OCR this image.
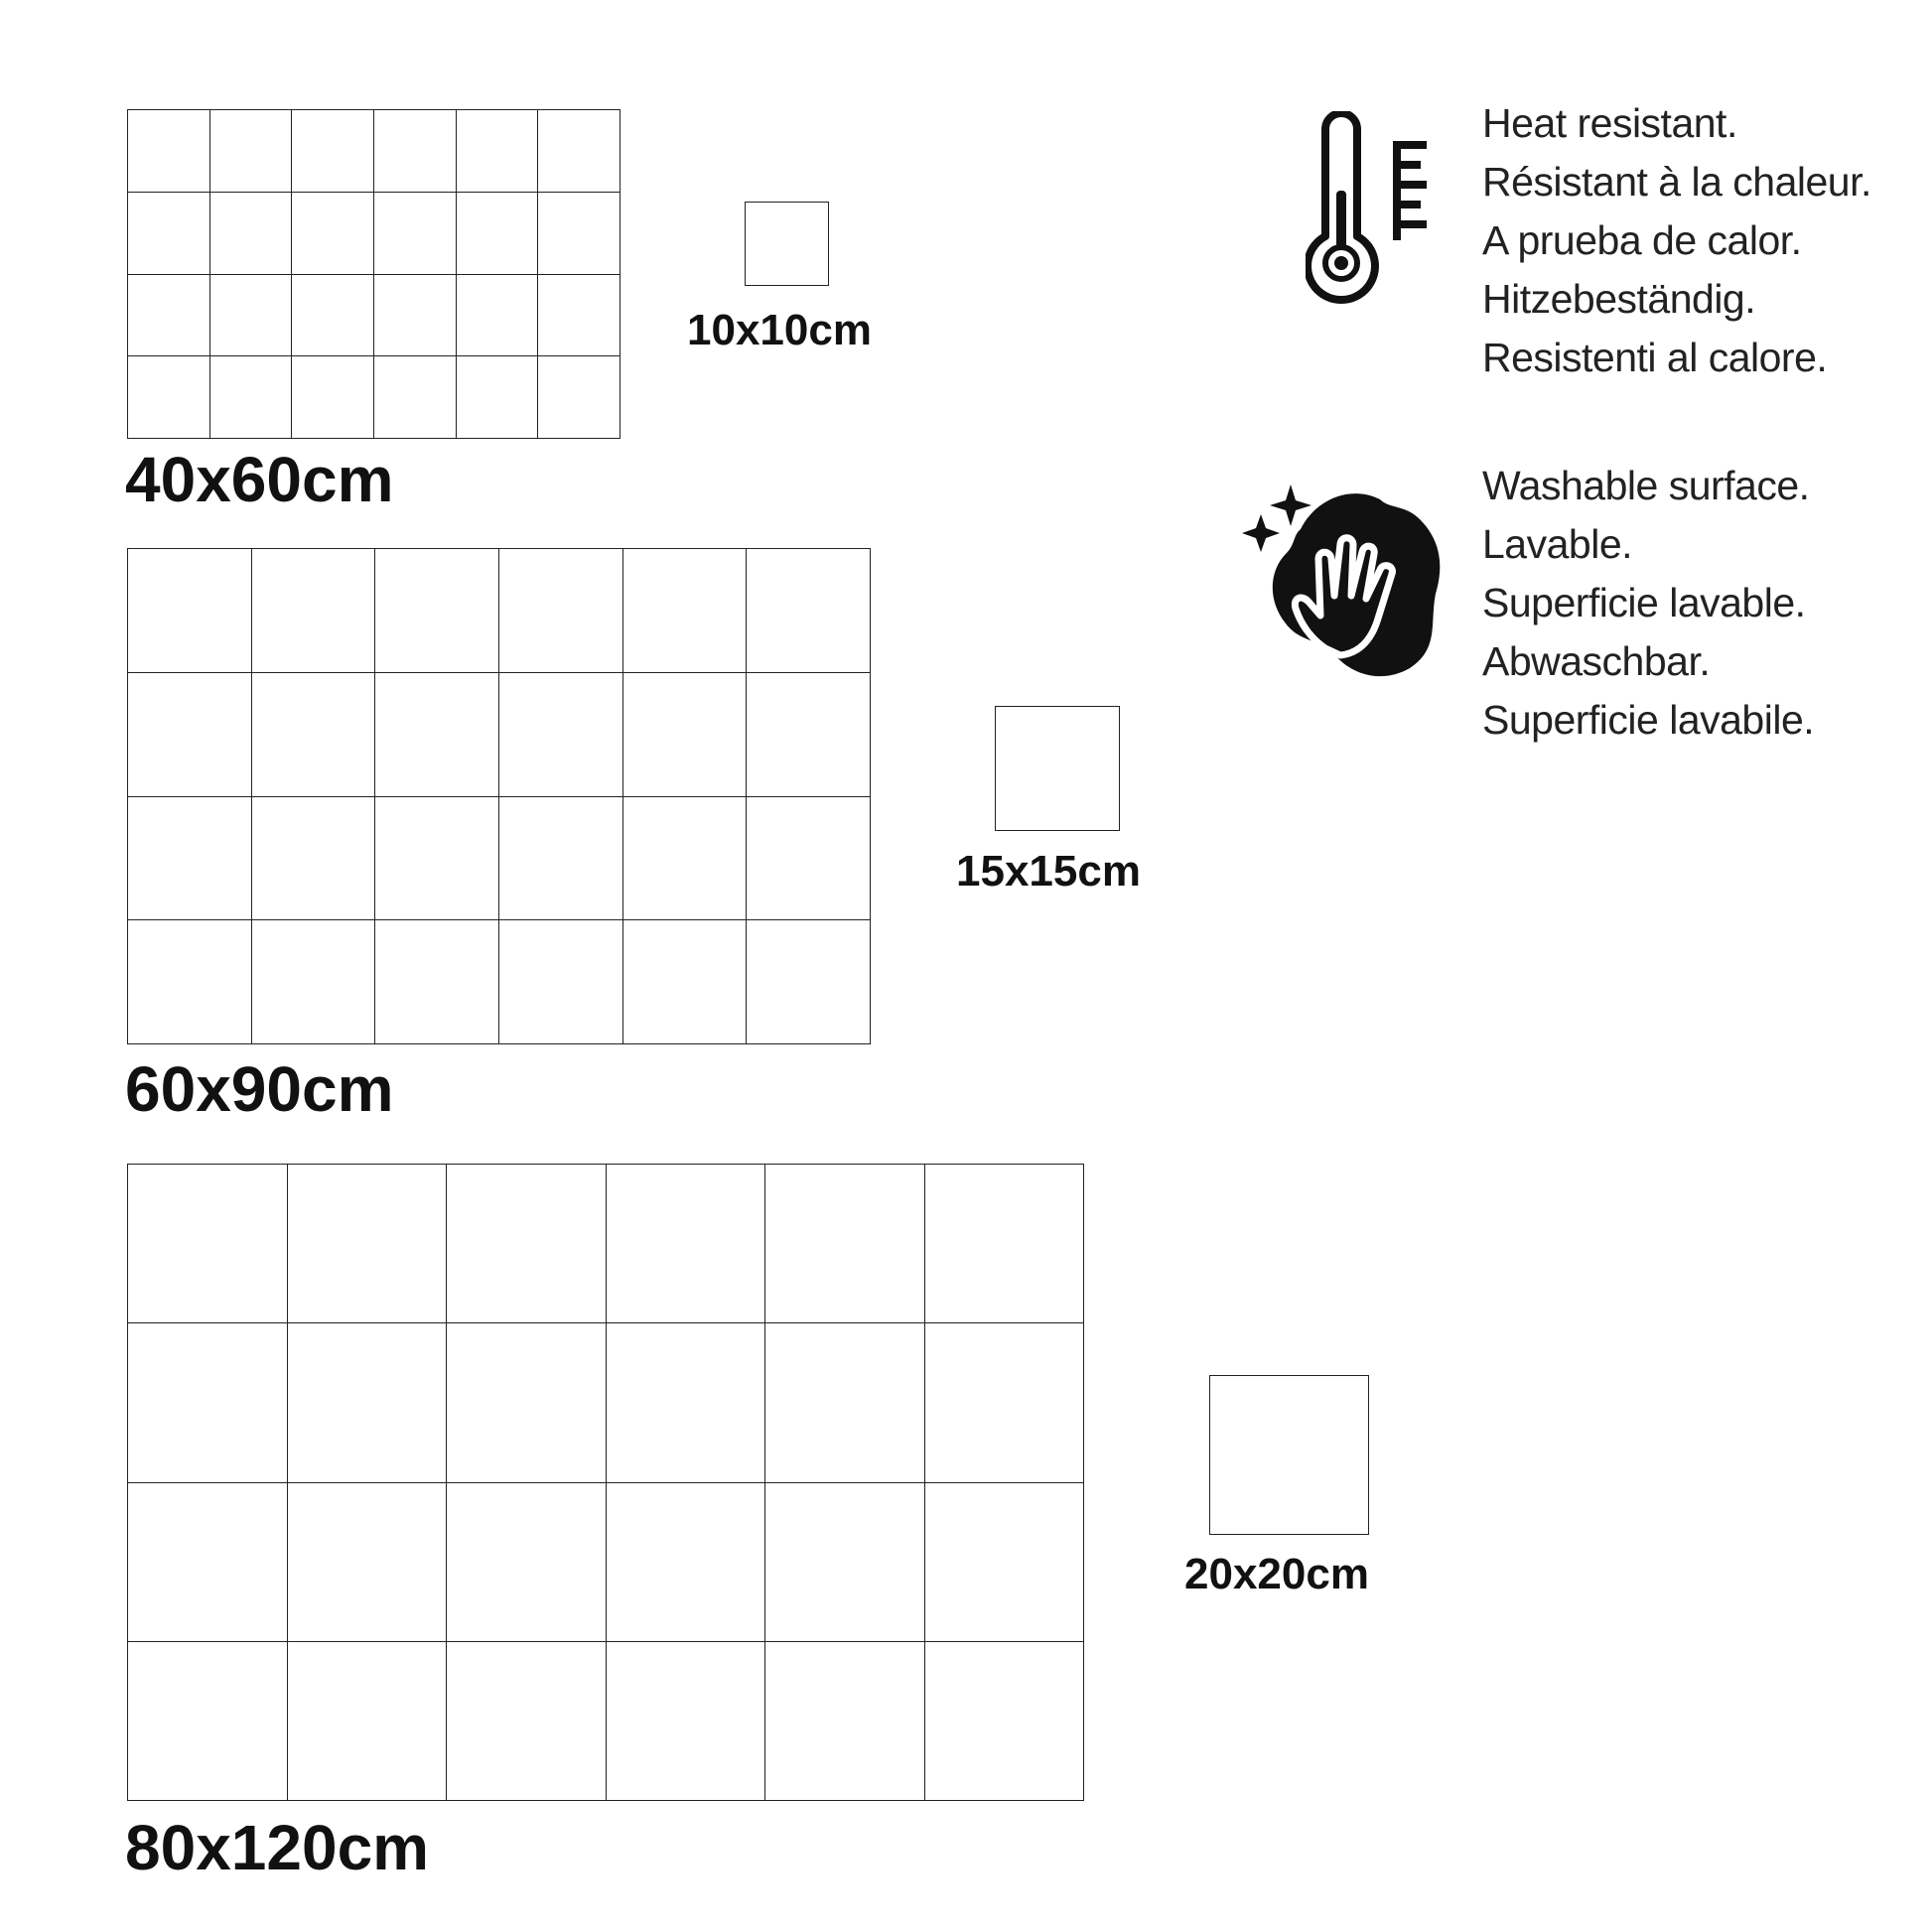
40x60cm
10x10cm
60x90cm
15x15cm
80x120cm
20x20cm
Heat resistant.
Résistant à la chaleur.
A prueba de calor.
Hitzebeständig.
Resistenti al calore.
Washable surface.
Lavable.
Superficie lavable.
Abwaschbar.
Superficie lavabile.
